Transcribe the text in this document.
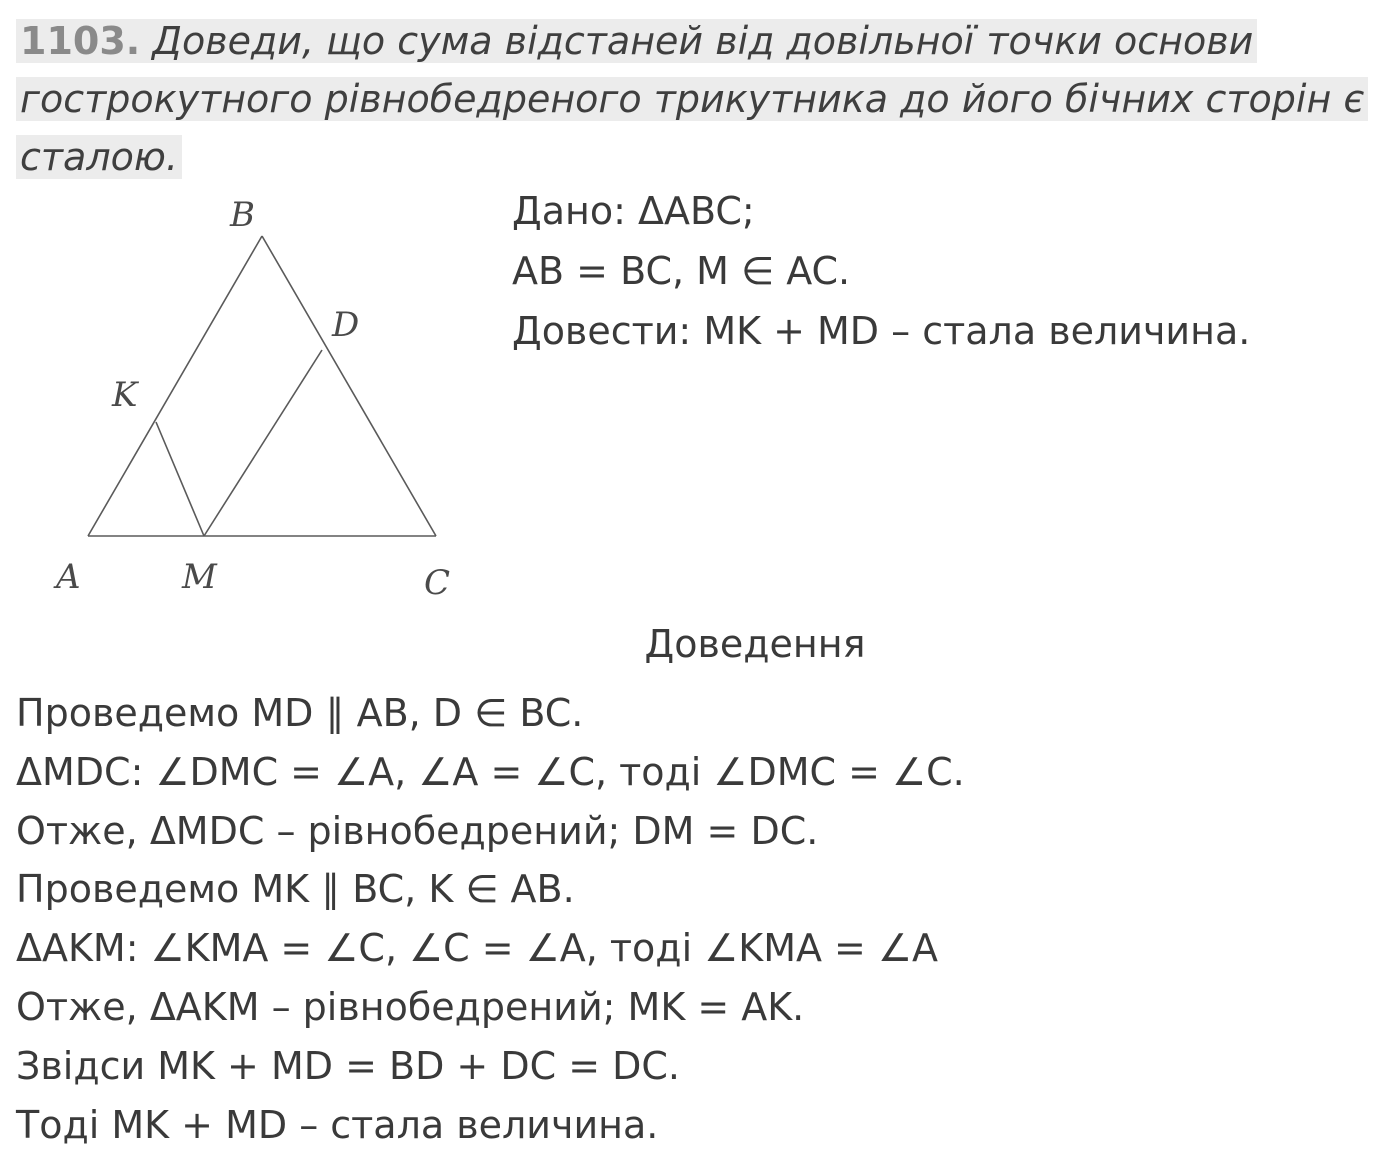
1103. Доведи, що сума відстаней від довільної точки основи гострокутного рівнобедреного трикутника до його бічних сторін є сталою.
A
B
C
K
M
D
Дано: ΔABC;
AB = BC, M ∈ AC.
Довести: MK + MD – стала величина.
Доведення
Проведемо MD ∥ AB, D ∈ BC.
ΔMDC: ∠DMC = ∠A, ∠A = ∠C, тоді ∠DMC = ∠C.
Отже, ΔMDC – рівнобедрений; DM = DC.
Проведемо MK ∥ BC, K ∈ AB.
ΔAKM: ∠KMA = ∠C, ∠C = ∠A, тоді ∠KMA = ∠A
Отже, ΔAKM – рівнобедрений; MK = AK.
Звідси MK + MD = BD + DC = DC.
Тоді MK + MD – стала величина.
